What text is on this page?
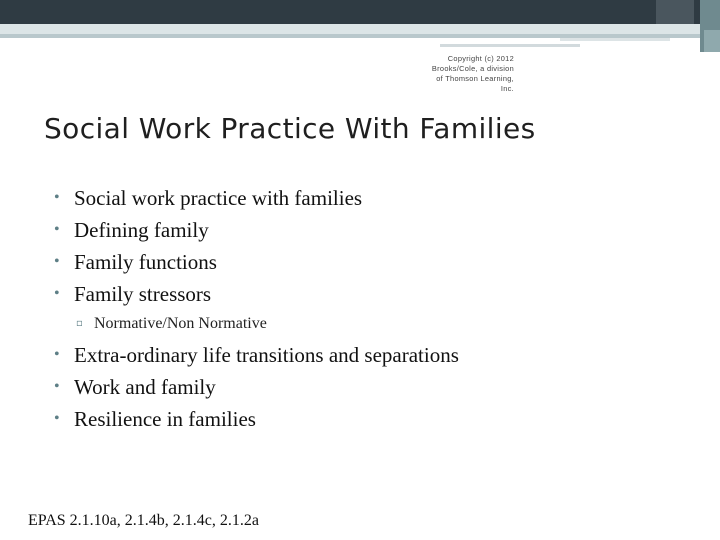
Copyright (c) 2012
Brooks/Cole, a division
of Thomson Learning,
Inc.
Social Work Practice With Families
• Social work practice with families
• Defining family
• Family functions
• Family stressors
▫ Normative/Non Normative
• Extra-ordinary life transitions and separations
• Work and family
• Resilience in families
EPAS 2.1.10a, 2.1.4b, 2.1.4c, 2.1.2a
